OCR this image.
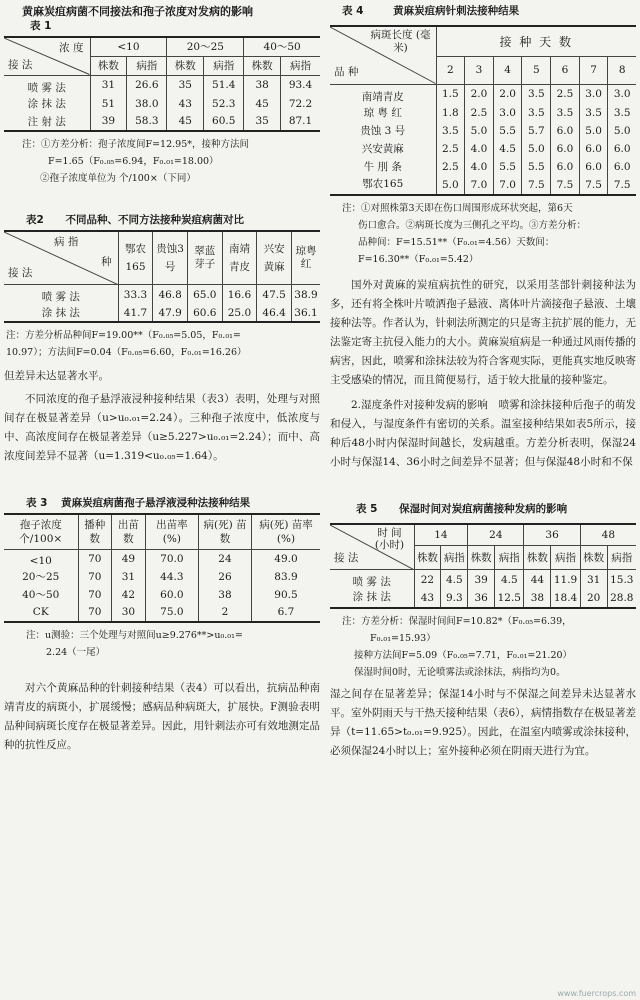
黄麻炭疽病菌不同接法和孢子浓度对发病的影响
表 1
浓 度
接 法	<10		20～25		40～50	
	株数	病指	株数	病指	株数	病指
喷 雾 法	31	26.6	35	51.4	38	93.4
涂 抹 法	51	38.0	43	52.3	45	72.2
注 射 法	39	58.3	45	60.5	35	87.1
注：①方差分析：孢子浓度间F=12.95*，接种方法间
F=1.65（F₀.₀₅=6.94，F₀.₀₁=18.00）
②孢子浓度单位为 个/100×（下同）
表2 不同品种、不同方法接种炭疽病菌对比
病 指
种
接 法	鄂农165	贵蚀3号	翠蓝芽子	南靖青皮	兴安黄麻	琼粤红
喷 雾 法	33.3	46.8	65.0	16.6	47.5	38.9
涂 抹 法	41.7	47.9	60.6	25.0	46.4	36.1
注：方差分析品种间F=19.00**（F₀.₀₅=5.05，F₀.₀₁=
10.97）；方法间F=0.04（F₀.₀₅=6.60，F₀.₀₁=16.26）

但差异未达显著水平。

不同浓度的孢子悬浮液浸种接种结果（表3）表明，处理与对照间存在极显著差异（u>u₀.₀₁=2.24）。三种孢子浓度中，低浓度与中、高浓度间存在极显著差异（u≥5.227>u₀.₀₁=2.24）；而中、高浓度间差异不显著（u=1.319<u₀.₀₅=1.64）。

表 3 黄麻炭疽病菌孢子悬浮液浸种法接种结果
孢子浓度 个/100×	播种数	出苗数	出苗率 (%)	病(死) 苗数	病(死) 苗率(%)
<10	70	49	70.0	24	49.0
20～25	70	31	44.3	26	83.9
40～50	70	42	60.0	38	90.5
CK	70	30	75.0	2	6.7
注：u测验：三个处理与对照间u≥9.276**>u₀.₀₁=
2.24（一尾）

对六个黄麻品种的针刺接种结果（表4）可以看出，抗病品种南靖青皮的病斑小，扩展缓慢；感病品种病斑大，扩展快。F测验表明品种间病斑长度存在极显著差异。因此，用针刺法亦可有效地测定品种的抗性反应。

表 4	黄麻炭疽病针刺法接种结果
病斑长度 (毫米)
品 种	接 种 天 数						
	2	3	4	5	6	7	8
南靖青皮	1.5	2.0	2.0	3.5	2.5	3.0	3.0
琼 粤 红	1.8	2.5	3.0	3.5	3.5	3.5	3.5
贵蚀 3 号	3.5	5.0	5.5	5.7	6.0	5.0	5.0
兴安黄麻	2.5	4.0	4.5	5.0	6.0	6.0	6.0
牛 刖 条	2.5	4.0	5.5	5.5	6.0	6.0	6.0
鄂农165	5.0	7.0	7.0	7.5	7.5	7.5	7.5
注：①对照株第3天即在伤口周围形成环状突起，第6天
伤口愈合。②病斑长度为三侧孔之平均。③方差分析：
品种间：F=15.51**（F₀.₀₁=4.56）天数间：
F=16.30**（F₀.₀₁=5.42）

国外对黄麻的炭疽病抗性的研究，以采用茎部针刺接种法为多，还有将全株叶片喷洒孢子悬液、离体叶片滴接孢子悬液、土壤接种法等。作者认为，针刺法所测定的只是寄主抗扩展的能力，无法鉴定寄主抗侵入能力的大小。黄麻炭疽病是一种通过风雨传播的病害，因此，喷雾和涂抹法较为符合客观实际，更能真实地反映寄主受感染的情况，而且简便易行，适于较大批量的接种鉴定。

2.湿度条件对接种发病的影响　喷雾和涂抹接种后孢子的萌发和侵入，与湿度条件有密切的关系。温室接种结果如表5所示，接种后48小时内保湿时间越长，发病越重。方差分析表明，保湿24小时与保湿14、36小时之间差异不显著；但与保湿48小时和不保

表 5 保湿时间对炭疽病菌接种发病的影响
时 间 (小时)
接 法	14		24		36		48	
	株数	病指	株数	病指	株数	病指	株数	病指
喷 雾 法	22	4.5	39	4.5	44	11.9	31	15.3
涂 抹 法	43	9.3	36	12.5	38	18.4	20	28.8
注：方差分析：保湿时间间F=10.82*（F₀.₀₅=6.39，
F₀.₀₁=15.93）
接种方法间F=5.09（F₀.₀₅=7.71，F₀.₀₁=21.20）
保湿时间0时，无论喷雾法或涂抹法，病指均为0。

湿之间存在显著差异；保湿14小时与不保湿之间差异未达显著水平。室外阴雨天与干热天接种结果（表6），病情指数存在极显著差异（t=11.65>t₀.₀₁=9.925）。因此，在温室内喷雾或涂抹接种，必须保湿24小时以上；室外接种必须在阴雨天进行为宜。

www.fuercrops.com
